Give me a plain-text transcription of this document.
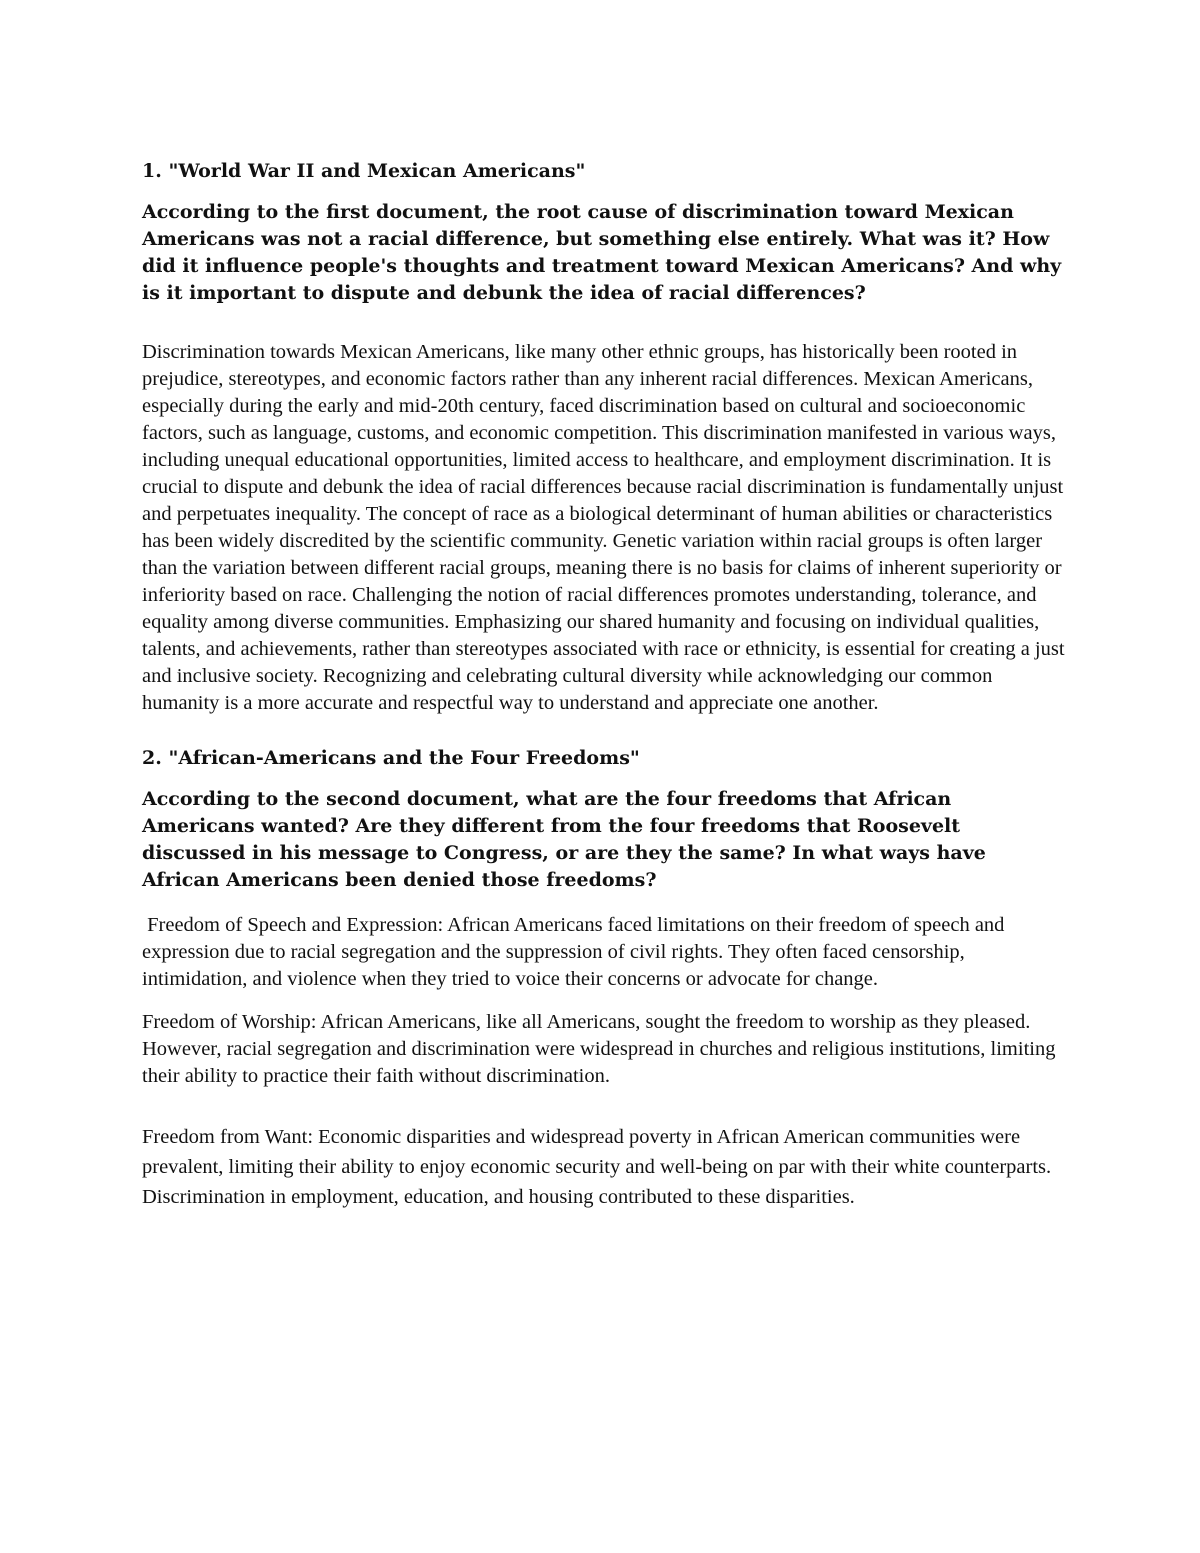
1. "World War II and Mexican Americans"
According to the first document, the root cause of discrimination toward Mexican Americans was not a racial difference, but something else entirely. What was it? How did it influence people's thoughts and treatment toward Mexican Americans? And why is it important to dispute and debunk the idea of racial differences?
Discrimination towards Mexican Americans, like many other ethnic groups, has historically been rooted in prejudice, stereotypes, and economic factors rather than any inherent racial differences. Mexican Americans, especially during the early and mid-20th century, faced discrimination based on cultural and socioeconomic factors, such as language, customs, and economic competition. This discrimination manifested in various ways, including unequal educational opportunities, limited access to healthcare, and employment discrimination. It is crucial to dispute and debunk the idea of racial differences because racial discrimination is fundamentally unjust and perpetuates inequality. The concept of race as a biological determinant of human abilities or characteristics has been widely discredited by the scientific community. Genetic variation within racial groups is often larger than the variation between different racial groups, meaning there is no basis for claims of inherent superiority or inferiority based on race. Challenging the notion of racial differences promotes understanding, tolerance, and equality among diverse communities. Emphasizing our shared humanity and focusing on individual qualities, talents, and achievements, rather than stereotypes associated with race or ethnicity, is essential for creating a just and inclusive society. Recognizing and celebrating cultural diversity while acknowledging our common humanity is a more accurate and respectful way to understand and appreciate one another.
2. "African-Americans and the Four Freedoms"
According to the second document, what are the four freedoms that African Americans wanted? Are they different from the four freedoms that Roosevelt discussed in his message to Congress, or are they the same? In what ways have African Americans been denied those freedoms?
Freedom of Speech and Expression: African Americans faced limitations on their freedom of speech and expression due to racial segregation and the suppression of civil rights. They often faced censorship, intimidation, and violence when they tried to voice their concerns or advocate for change.
Freedom of Worship: African Americans, like all Americans, sought the freedom to worship as they pleased. However, racial segregation and discrimination were widespread in churches and religious institutions, limiting their ability to practice their faith without discrimination.
Freedom from Want: Economic disparities and widespread poverty in African American communities were prevalent, limiting their ability to enjoy economic security and well-being on par with their white counterparts. Discrimination in employment, education, and housing contributed to these disparities.
